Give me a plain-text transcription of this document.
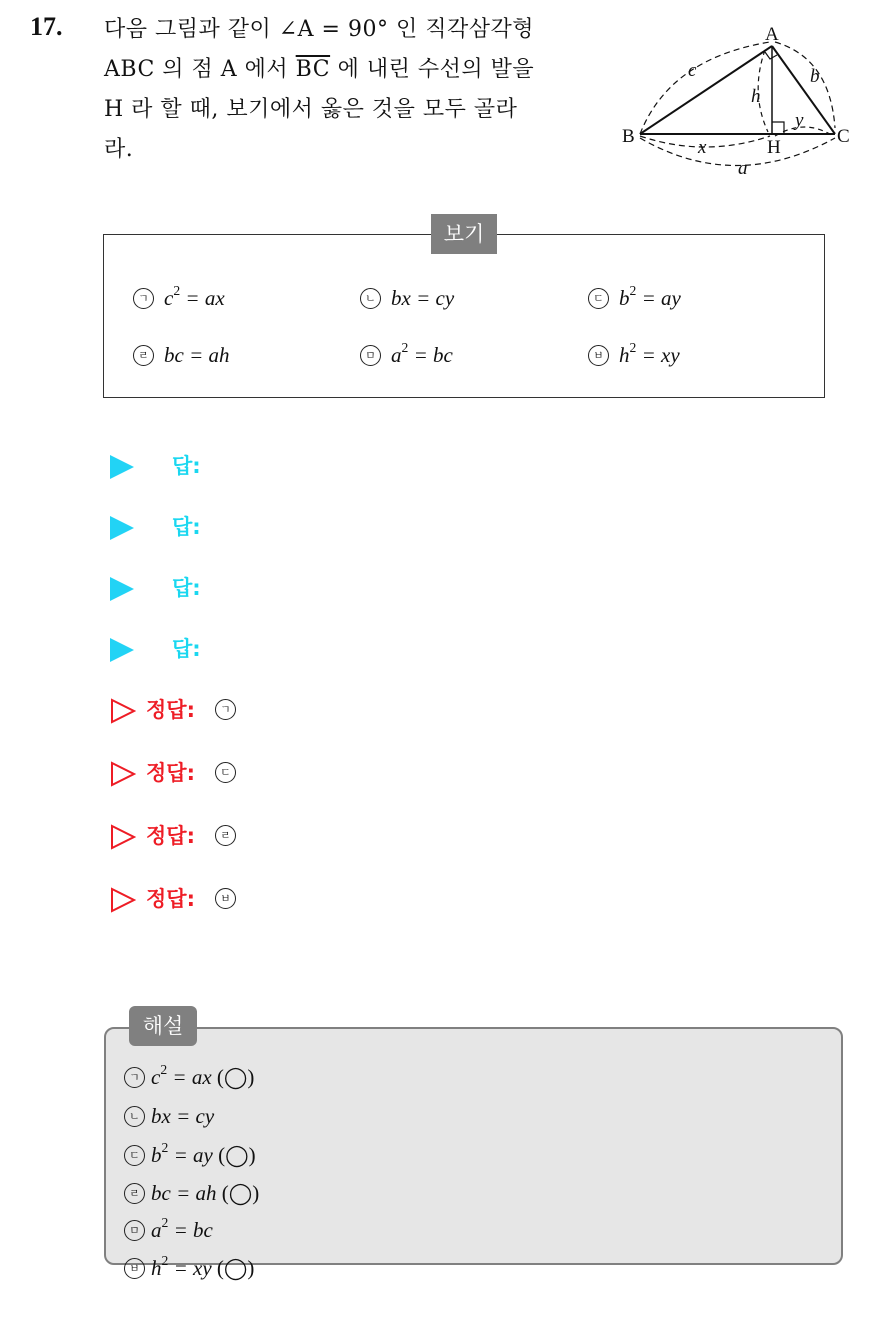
17. 다음 그림과 같이 ∠A = 90° 인 직각삼각형
ABC 의 점 A 에서 $\overline{BC}$ 에 내린 수선의 발을
H 라 할 때, 보기에서 옳은 것을 모두 골라
라.
A
B	C
H
c	b
h
x
y
a
보기
ㄱ $c^2$ = ax	ㄴ bx = cy	ㄷ $b^2$ = ay
ㄹ bc = ah	ㅁ $a^2$ = bc	ㅂ $h^2$ = xy
답:
답:
답:
답:
정답: ㄱ
정답: ㄷ
정답: ㄹ
정답: ㅂ
해설
ㄱ $c^2$ = ax (◯)
ㄴ bx = cy
ㄷ $b^2$ = ay (◯)
ㄹ bc = ah (◯)
ㅁ $a^2$ = bc
ㅂ $h^2$ = xy (◯)
